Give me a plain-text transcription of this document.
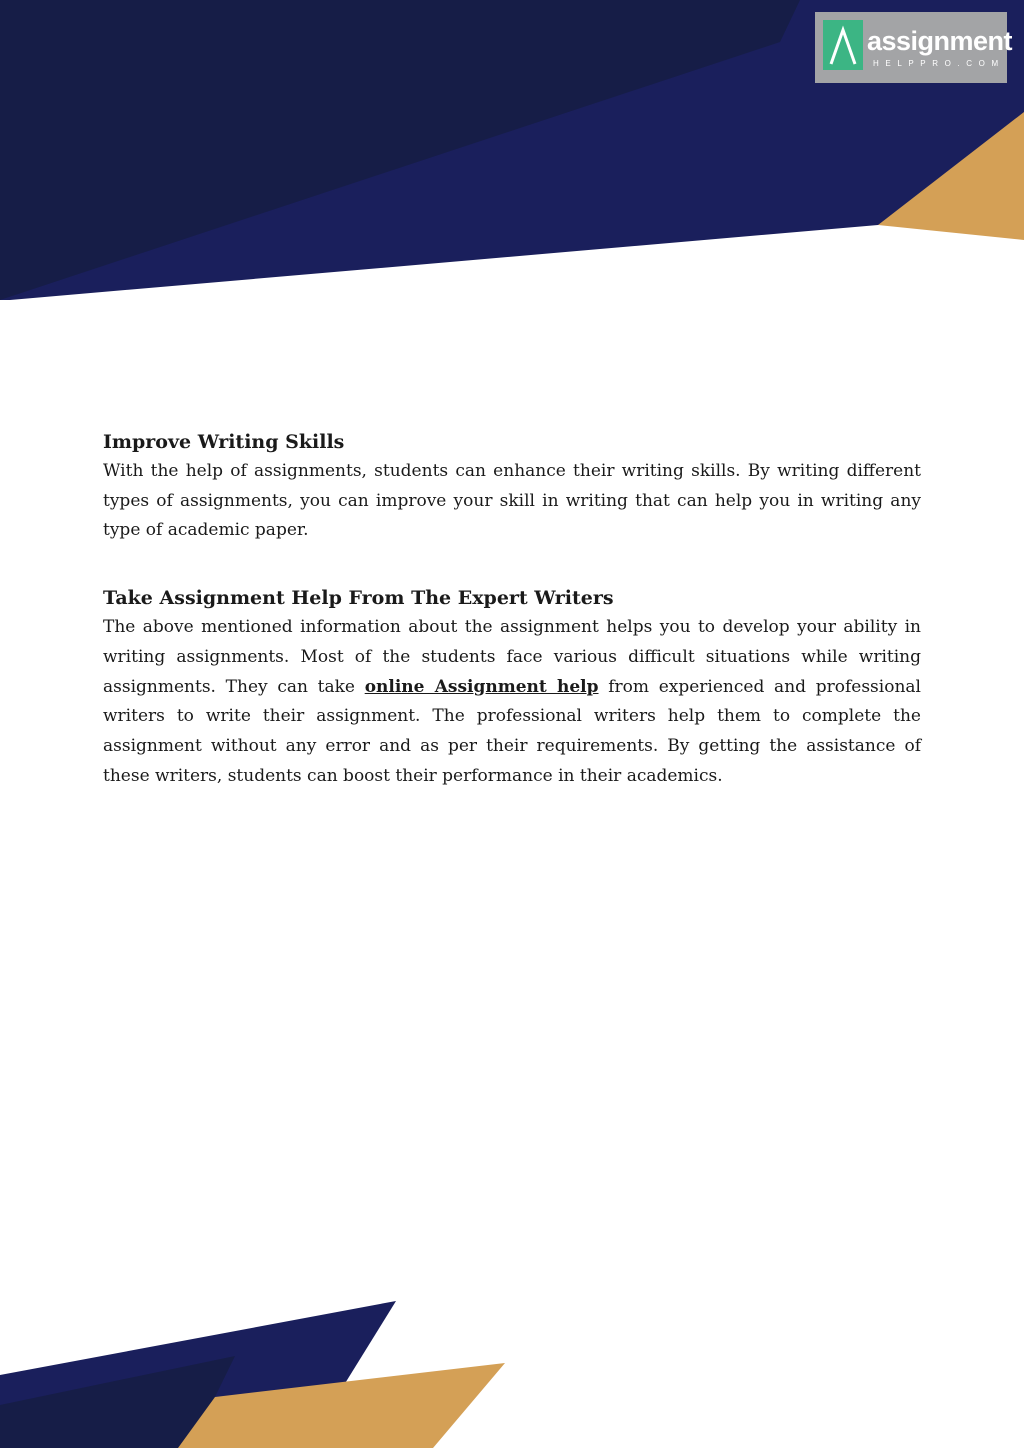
assignment
HELPPRO.COM
Improve Writing Skills

With the help of assignments, students can enhance their writing skills. By writing different types of assignments, you can improve your skill in writing that can help you in writing any type of academic paper.

Take Assignment Help From The Expert Writers

The above mentioned information about the assignment helps you to develop your ability in writing assignments. Most of the students face various difficult situations while writing assignments. They can take online Assignment help from experienced and professional writers to write their assignment. The professional writers help them to complete the assignment without any error and as per their requirements. By getting the assistance of these writers, students can boost their performance in their academics.
